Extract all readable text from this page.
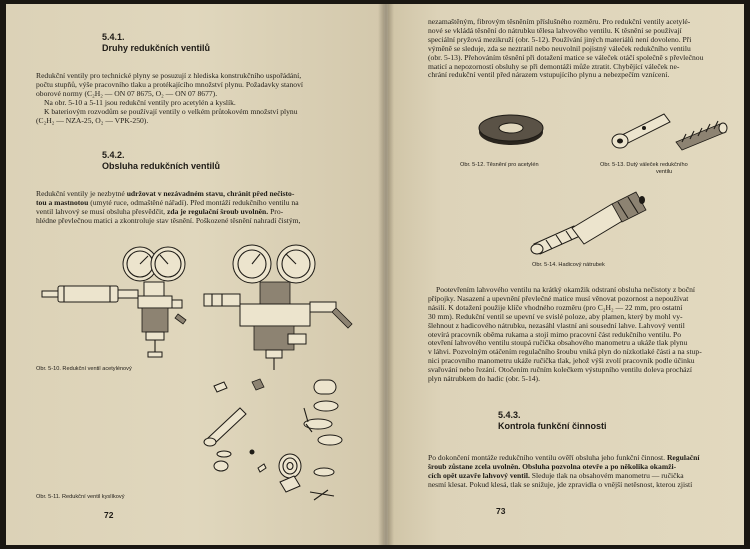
5.4.1.
Druhy redukčních ventilů
Redukční ventily pro technické plyny se posuzují z hlediska konstrukčního uspořádání,
počtu stupňů, výše pracovního tlaku a protékajícího množství plynu. Požadavky stanoví
oborové normy (C₂H₂ — ON 07 8675, O₂ — ON 07 8677).
Na obr. 5-10 a 5-11 jsou redukční ventily pro acetylén a kyslík.
K bateriovým rozvodům se používají ventily o velkém průtokovém množství plynu
(C₂H₂ — NZA-25, O₂ — VPK-250).
5.4.2.
Obsluha redukčních ventilů
Redukční ventily je nezbytné udržovat v nezávadném stavu, chránit před nečisto-
tou a mastnotou (umyté ruce, odmaštěné nářadí). Před montáží redukčního ventilu na
ventil lahvový se musí obsluha přesvědčit, zda je regulační šroub uvolněn. Pro-
hlédne převlečnou matici a zkontroluje stav těsnění. Poškozené těsnění nahradí čistým,
Obr. 5-10. Redukční ventil acetylénový
Obr. 5-11. Redukční ventil kyslíkový
72
nezamaštěným, fibrovým těsněním příslušného rozměru. Pro redukční ventily acetylé-
nové se vkládá těsnění do nátrubku tělesa lahvového ventilu. K těsnění se používají
speciální pryžová mezikruží (obr. 5-12). Používání jiných materiálů není dovoleno. Při
výměně se sleduje, zda se neztratil nebo neuvolnil pojistný váleček redukčního ventilu
(obr. 5-13). Přehováním těsnění při dotažení matice se váleček otáčí společně s převlečnou
maticí a nepozorností obsluhy se při demontáži může ztratit. Chybějící váleček ne-
chrání redukční ventil před nárazem vstupujícího plynu a nebezpečím vznícení.
Obr. 5-12. Těsnění pro acetylén	Obr. 5-13. Dutý váleček redukčního
ventilu
Obr. 5-14. Hadicový nátrubek
Pootevřením lahvového ventilu na krátký okamžik odstraní obsluha nečistoty z boční
přípojky. Nasazení a upevnění převlečné matice musí věnovat pozornost a nepoužívat
násilí. K dotažení použije klíče vhodného rozměru (pro C₂H₂ — 22 mm, pro ostatní
30 mm). Redukční ventil se upevní ve svislé poloze, aby plamen, který by mohl vy-
šlehnout z hadicového nátrubku, nezasáhl vlastní ani sousední lahve. Lahvový ventil
otevírá pracovník oběma rukama a stojí mimo pracovní část redukčního ventilu. Po
otevření lahvového ventilu stoupá ručička obsahového manometru a ukáže tlak plynu
v láhvi. Pozvolným otáčením regulačního šroubu vniká plyn do nízkotlaké části a na stup-
nici pracovního manometru ukáže ručička tlak, jehož výši zvolí pracovník podle účinku
svařování nebo řezání. Otočením ručním kolečkem výstupního ventilu doleva prochází
plyn nátrubkem do hadic (obr. 5-14).
5.4.3.
Kontrola funkční činnosti
Po dokončení montáže redukčního ventilu ověří obsluha jeho funkční činnost. Regulační
šroub zůstane zcela uvolněn. Obsluha pozvolna otevře a po několika okamži-
cích opět uzavře lahvový ventil. Sleduje tlak na obsahovém manometru — ručička
nesmí klesat. Pokud klesá, tlak se snižuje, jde zpravidla o vnější netěsnost, kterou zjistí
73
